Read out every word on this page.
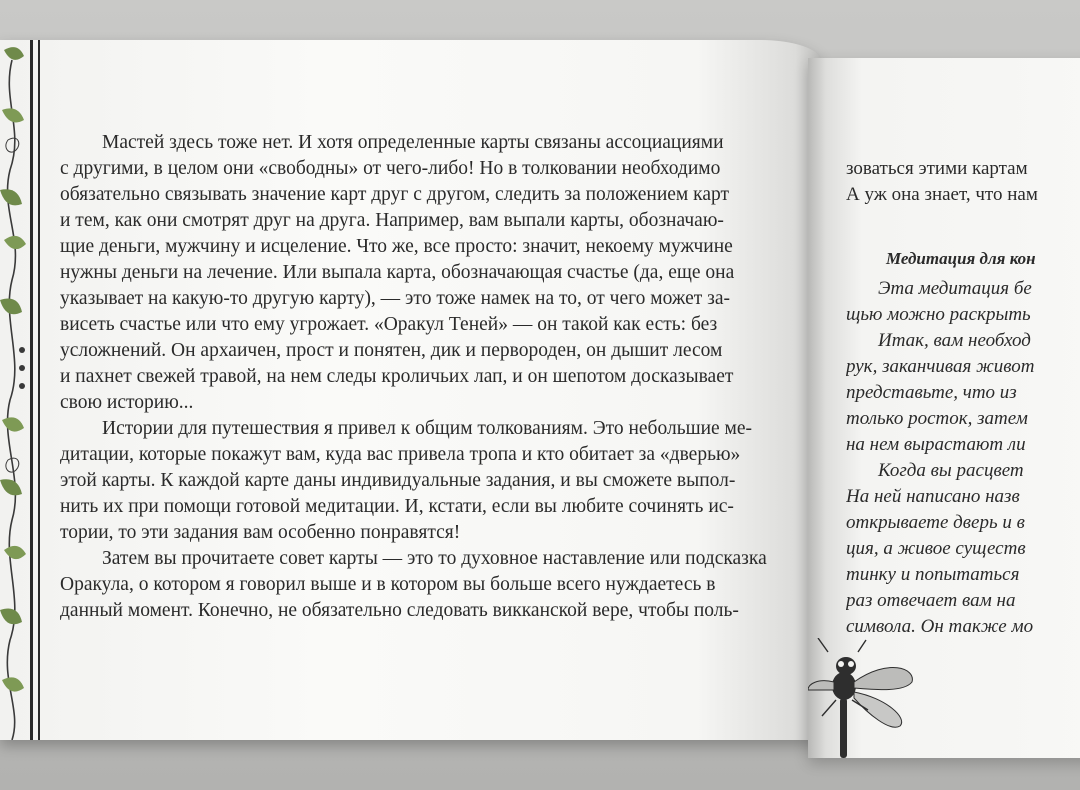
Мастей здесь тоже нет. И хотя определенные карты связаны ассоциациями

с другими, в целом они «свободны» от чего-либо! Но в толковании необходимо

обязательно связывать значение карт друг с другом, следить за положением карт

и тем, как они смотрят друг на друга. Например, вам выпали карты, обозначаю-

щие деньги, мужчину и исцеление. Что же, все просто: значит, некоему мужчине

нужны деньги на лечение. Или выпала карта, обозначающая счастье (да, еще она

указывает на какую-то другую карту), — это тоже намек на то, от чего может за-

висеть счастье или что ему угрожает. «Оракул Теней» — он такой как есть: без

усложнений. Он архаичен, прост и понятен, дик и первороден, он дышит лесом

и пахнет свежей травой, на нем следы кроличьих лап, и он шепотом досказывает

свою историю...

Истории для путешествия я привел к общим толкованиям. Это небольшие ме-

дитации, которые покажут вам, куда вас привела тропа и кто обитает за «дверью»

этой карты. К каждой карте даны индивидуальные задания, и вы сможете выпол-

нить их при помощи готовой медитации. И, кстати, если вы любите сочинять ис-

тории, то эти задания вам особенно понравятся!

Затем вы прочитаете совет карты — это то духовное наставление или подсказка

Оракула, о котором я говорил выше и в котором вы больше всего нуждаетесь в

данный момент. Конечно, не обязательно следовать викканской вере, чтобы поль-

зоваться этими картам
А уж она знает, что нам
Медитация для кон
Эта медитация бе
щью можно раскрыть
Итак, вам необход
рук, заканчивая живот
представьте, что из
только росток, затем
на нем вырастают ли
Когда вы расцвет
На ней написано назв
открываете дверь и в
ция, а живое существ
тинку и попытаться
раз отвечает вам на
символа. Он также мо
